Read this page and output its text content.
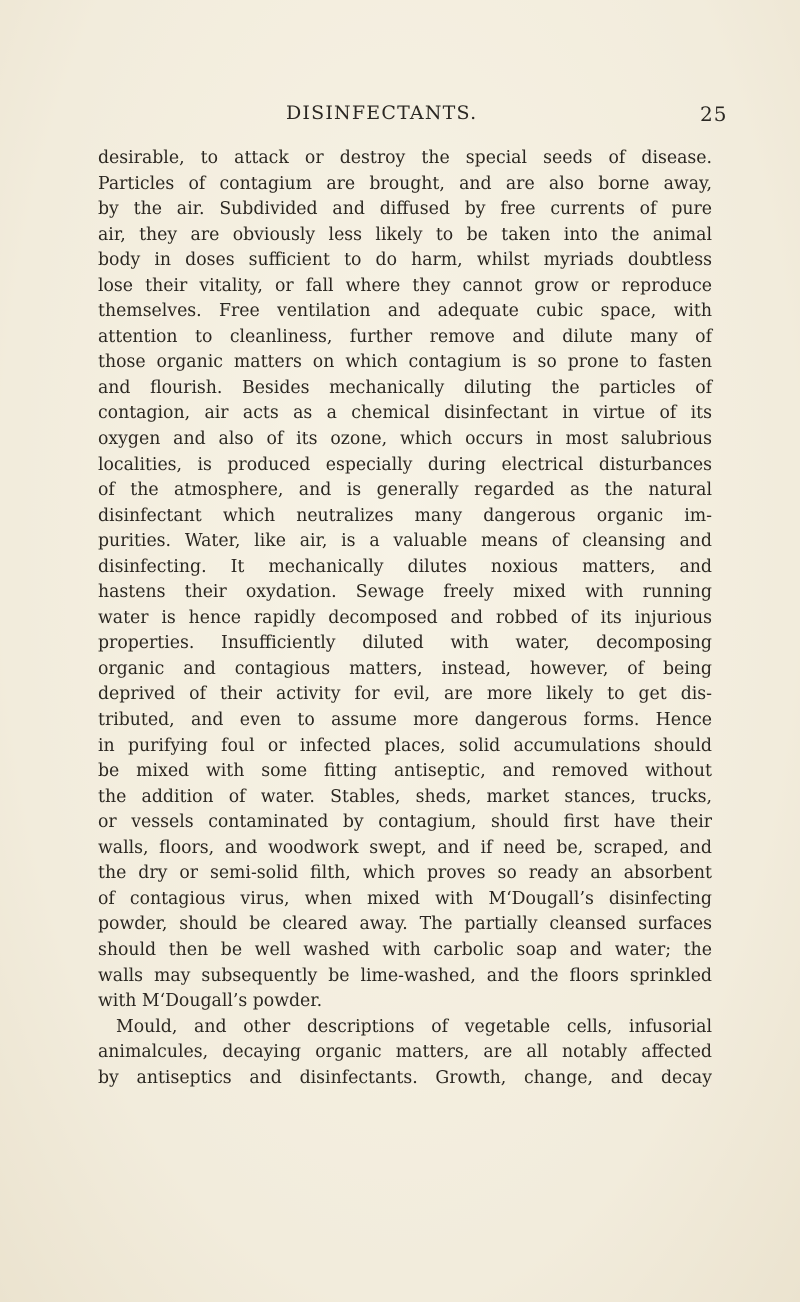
DISINFECTANTS.	25
desirable, to attack or destroy the special seeds of disease.
Particles of contagium are brought, and are also borne away,
by the air. Subdivided and diffused by free currents of pure
air, they are obviously less likely to be taken into the animal
body in doses sufficient to do harm, whilst myriads doubtless
lose their vitality, or fall where they cannot grow or reproduce
themselves. Free ventilation and adequate cubic space, with
attention to cleanliness, further remove and dilute many of
those organic matters on which contagium is so prone to fasten
and flourish. Besides mechanically diluting the particles of
contagion, air acts as a chemical disinfectant in virtue of its
oxygen and also of its ozone, which occurs in most salubrious
localities, is produced especially during electrical disturbances
of the atmosphere, and is generally regarded as the natural
disinfectant which neutralizes many dangerous organic im-
purities. Water, like air, is a valuable means of cleansing and
disinfecting. It mechanically dilutes noxious matters, and
hastens their oxydation. Sewage freely mixed with running
water is hence rapidly decomposed and robbed of its injurious
properties. Insufficiently diluted with water, decomposing
organic and contagious matters, instead, however, of being
deprived of their activity for evil, are more likely to get dis-
tributed, and even to assume more dangerous forms. Hence
in purifying foul or infected places, solid accumulations should
be mixed with some fitting antiseptic, and removed without
the addition of water. Stables, sheds, market stances, trucks,
or vessels contaminated by contagium, should first have their
walls, floors, and woodwork swept, and if need be, scraped, and
the dry or semi-solid filth, which proves so ready an absorbent
of contagious virus, when mixed with M‘Dougall’s disinfecting
powder, should be cleared away. The partially cleansed surfaces
should then be well washed with carbolic soap and water; the
walls may subsequently be lime-washed, and the floors sprinkled
with M‘Dougall’s powder.
Mould, and other descriptions of vegetable cells, infusorial
animalcules, decaying organic matters, are all notably affected
by antiseptics and disinfectants. Growth, change, and decay
